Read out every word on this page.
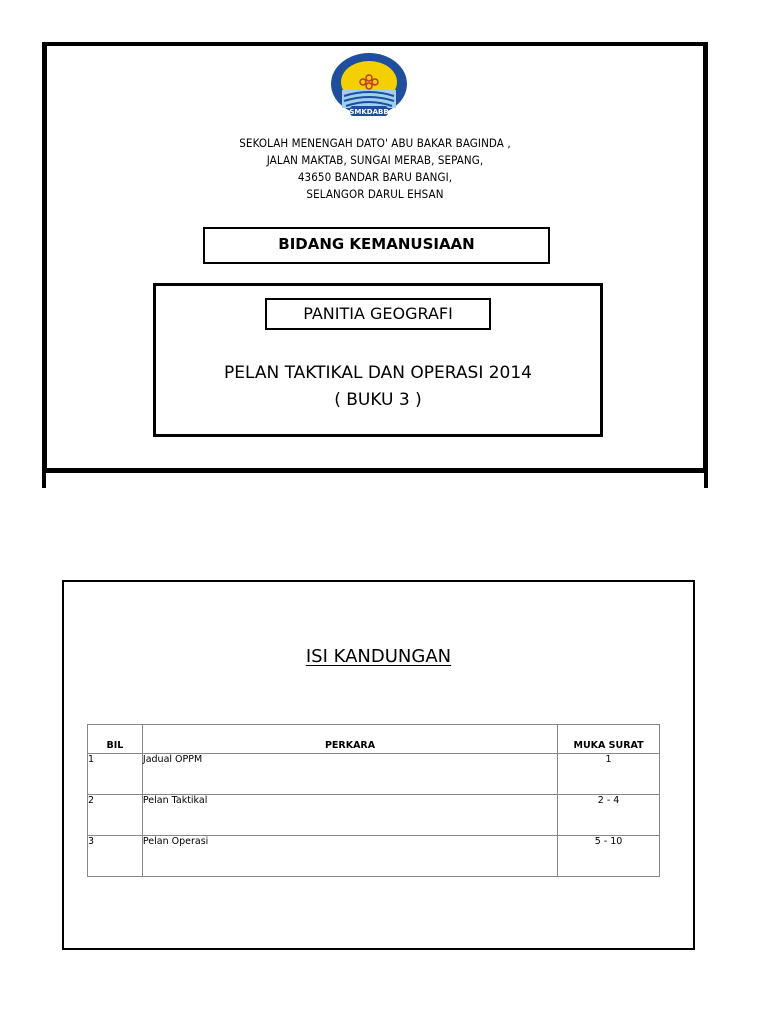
SMKDABB
SEKOLAH MENENGAH DATO' ABU BAKAR BAGINDA ,
JALAN MAKTAB, SUNGAI MERAB, SEPANG,
43650 BANDAR BARU BANGI,
SELANGOR DARUL EHSAN
BIDANG KEMANUSIAAN
PANITIA GEOGRAFI
PELAN TAKTIKAL DAN OPERASI 2014
( BUKU 3 )
ISI KANDUNGAN
BIL	PERKARA	MUKA SURAT
1	Jadual OPPM	1
2	Pelan Taktikal	2 - 4
3	Pelan Operasi	5 - 10
